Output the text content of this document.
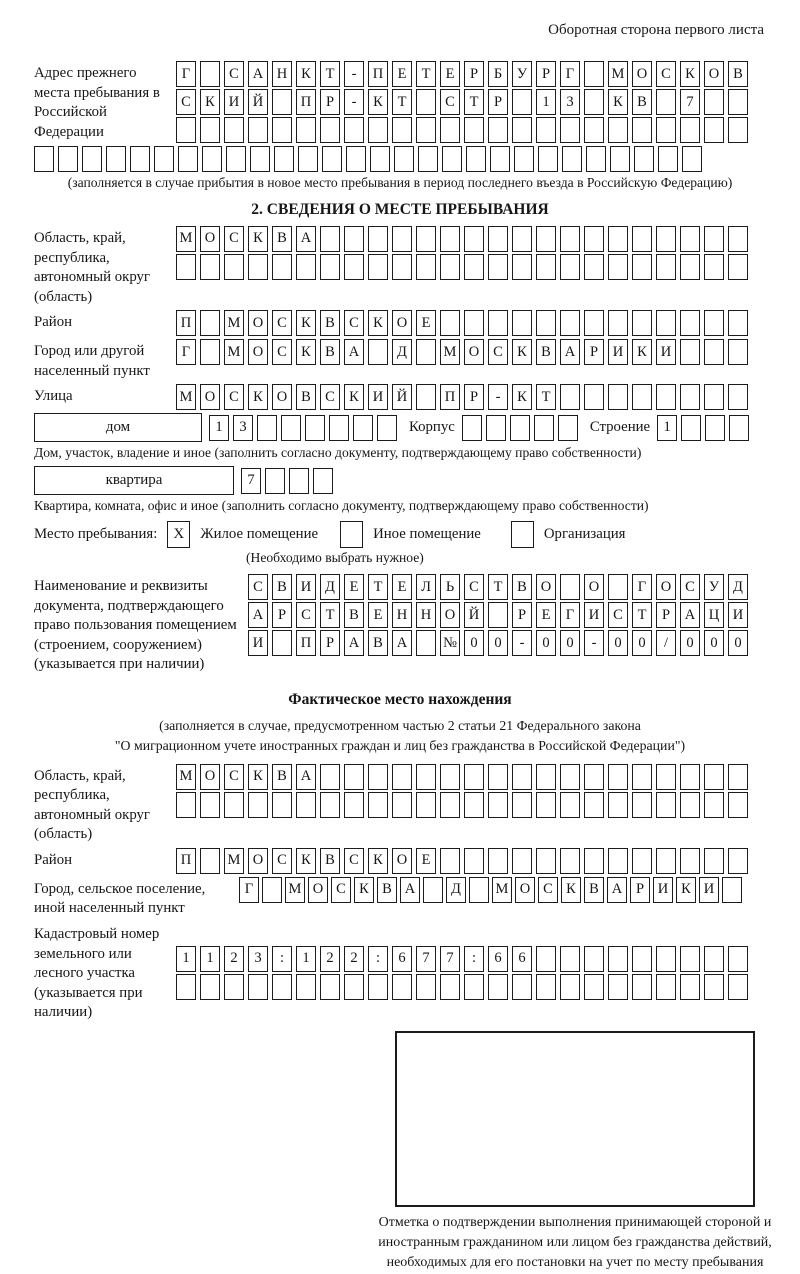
Оборотная сторона первого листа
Адрес прежнего места пребывания в Российской Федерации
Г	С А Н К	Т	-	П Е	Т	Е	Р	Б	У	Р	Г	М О С К О В
С К И Й	П	Р	-	К	Т	С	Т	Р	1	3	К В	7
(заполняется в случае прибытия в новое место пребывания в период последнего въезда в Российскую Федерацию)
2. СВЕДЕНИЯ О МЕСТЕ ПРЕБЫВАНИЯ
Область, край, республика, автономный округ (область)
М О С К В А
Район	П	М О С К В С К О Е
Город или другой населенный пункт
Г	М О С К В А	Д	М О С К В А	Р	И К И
Улица	М О С К О В С К И Й	П	Р	-	К	Т
дом	1	3	Корпус	Строение 1
Дом, участок, владение и иное (заполнить согласно документу, подтверждающему право собственности)
квартира	7
Квартира, комната, офис и иное (заполнить согласно документу, подтверждающему право собственности)
Место пребывания:	X	Жилое помещение	Иное помещение	Организация
(Необходимо выбрать нужное)
Наименование и реквизиты документа, подтверждающего право пользования помещением (строением, сооружением) (указывается при наличии)
С В И Д	Е	Т	Е	Л	Ь	С	Т	В О	О	Г	О С У Д
А	Р	С	Т	В	Е Н Н О Й	Р	Е	Г	И С	Т	Р	А Ц И
И	П	Р	А В А	№ 0	0	-	0	0	-	0	0	/	0	0	0
Фактическое место нахождения
(заполняется в случае, предусмотренном частью 2 статьи 21 Федерального закона
"О миграционном учете иностранных граждан и лиц без гражданства в Российской Федерации")
Область, край, республика, автономный округ (область)
М О С К В А
Район	П	М О С К В С К О Е
Город, сельское поселение, иной населенный пункт
Г	М О С К В А	Д	М О С К В А Р И К И
Кадастровый номер земельного или лесного участка (указывается при наличии)
1	1	2	3	:	1	2	2	:	6	7	7	:	6	6
Отметка о подтверждении выполнения принимающей стороной и иностранным гражданином или лицом без гражданства действий, необходимых для его постановки на учет по месту пребывания
